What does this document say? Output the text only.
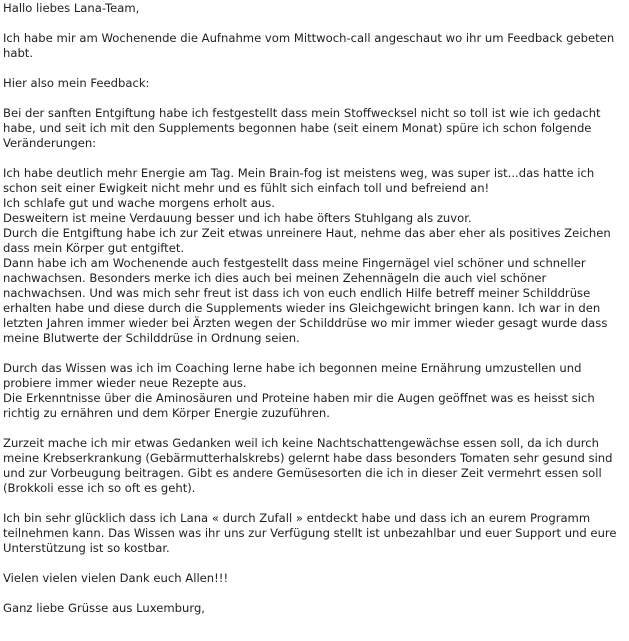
Hallo liebes Lana-Team,

Ich habe mir am Wochenende die Aufnahme vom Mittwoch-call angeschaut wo ihr um Feedback gebeten habt.

Hier also mein Feedback:

Bei der sanften Entgiftung habe ich festgestellt dass mein Stoffwecksel nicht so toll ist wie ich gedacht habe, und seit ich mit den Supplements begonnen habe (seit einem Monat) spüre ich schon folgende Veränderungen:

Ich habe deutlich mehr Energie am Tag. Mein Brain-fog ist meistens weg, was super ist...das hatte ich schon seit einer Ewigkeit nicht mehr und es fühlt sich einfach toll und befreiend an!
Ich schlafe gut und wache morgens erholt aus.
Desweitern ist meine Verdauung besser und ich habe öfters Stuhlgang als zuvor.
Durch die Entgiftung habe ich zur Zeit etwas unreinere Haut, nehme das aber eher als positives Zeichen dass mein Körper gut entgiftet.
Dann habe ich am Wochenende auch festgestellt dass meine Fingernägel viel schöner und schneller nachwachsen. Besonders merke ich dies auch bei meinen Zehennägeln die auch viel schöner nachwachsen. Und was mich sehr freut ist dass ich von euch endlich Hilfe betreff meiner Schilddrüse erhalten habe und diese durch die Supplements wieder ins Gleichgewicht bringen kann. Ich war in den letzten Jahren immer wieder bei Ärzten wegen der Schilddrüse wo mir immer wieder gesagt wurde dass meine Blutwerte der Schilddrüse in Ordnung seien.
Durch das Wissen was ich im Coaching lerne habe ich begonnen meine Ernährung umzustellen und probiere immer wieder neue Rezepte aus.
Die Erkenntnisse über die Aminosäuren und Proteine haben mir die Augen geöffnet was es heisst sich richtig zu ernähren und dem Körper Energie zuzuführen.

Zurzeit mache ich mir etwas Gedanken weil ich keine Nachtschattengewächse essen soll, da ich durch meine Krebserkrankung (Gebärmutterhalskrebs) gelernt habe dass besonders Tomaten sehr gesund sind und zur Vorbeugung beitragen. Gibt es andere Gemüsesorten die ich in dieser Zeit vermehrt essen soll (Brokkoli esse ich so oft es geht).

Ich bin sehr glücklich dass ich Lana « durch Zufall » entdeckt habe und dass ich an eurem Programm teilnehmen kann. Das Wissen was ihr uns zur Verfügung stellt ist unbezahlbar und euer Support und eure Unterstützung ist so kostbar.

Vielen vielen vielen Dank euch Allen!!!

Ganz liebe Grüsse aus Luxemburg,
